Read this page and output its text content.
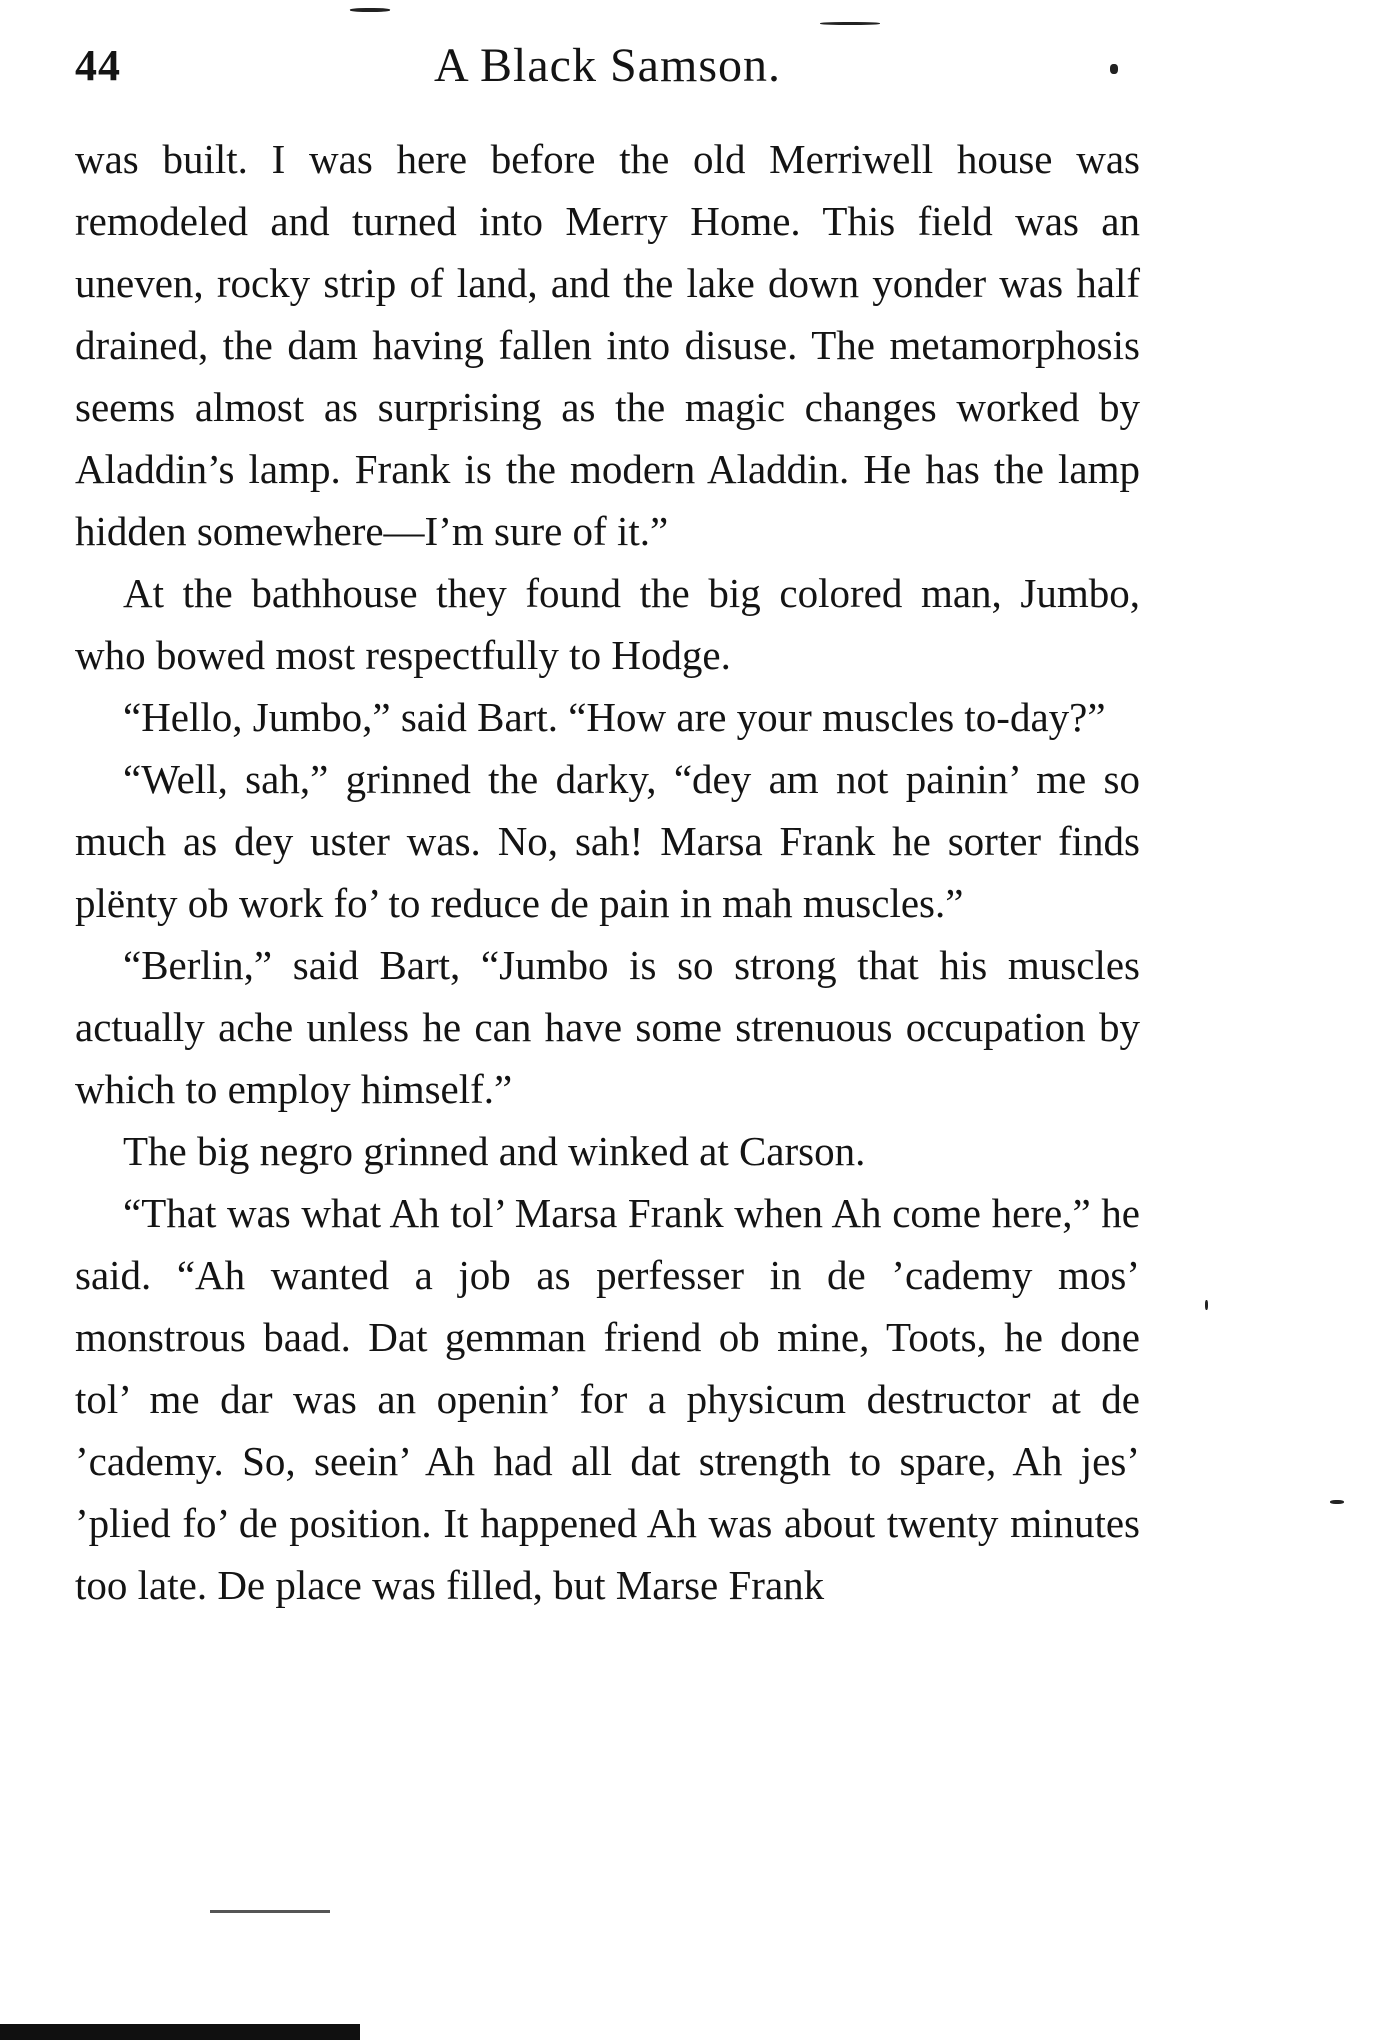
44	A Black Samson.

was built. I was here before the old Merriwell house was remodeled and turned into Merry Home. This field was an uneven, rocky strip of land, and the lake down yonder was half drained, the dam having fallen into disuse. The metamorphosis seems almost as surprising as the magic changes worked by Aladdin’s lamp. Frank is the modern Aladdin. He has the lamp hidden somewhere—I’m sure of it.”

At the bathhouse they found the big colored man, Jumbo, who bowed most respectfully to Hodge.

“Hello, Jumbo,” said Bart. “How are your muscles to-day?”

“Well, sah,” grinned the darky, “dey am not painin’ me so much as dey uster was. No, sah! Marsa Frank he sorter finds plënty ob work fo’ to reduce de pain in mah muscles.”

“Berlin,” said Bart, “Jumbo is so strong that his muscles actually ache unless he can have some strenuous occupation by which to employ himself.”

The big negro grinned and winked at Carson.

“That was what Ah tol’ Marsa Frank when Ah come here,” he said. “Ah wanted a job as perfesser in de ’cademy mos’ monstrous baad. Dat gemman friend ob mine, Toots, he done tol’ me dar was an openin’ for a physicum destructor at de ’cademy. So, seein’ Ah had all dat strength to spare, Ah jes’ ’plied fo’ de position. It happened Ah was about twenty minutes too late. De place was filled, but Marse Frank
